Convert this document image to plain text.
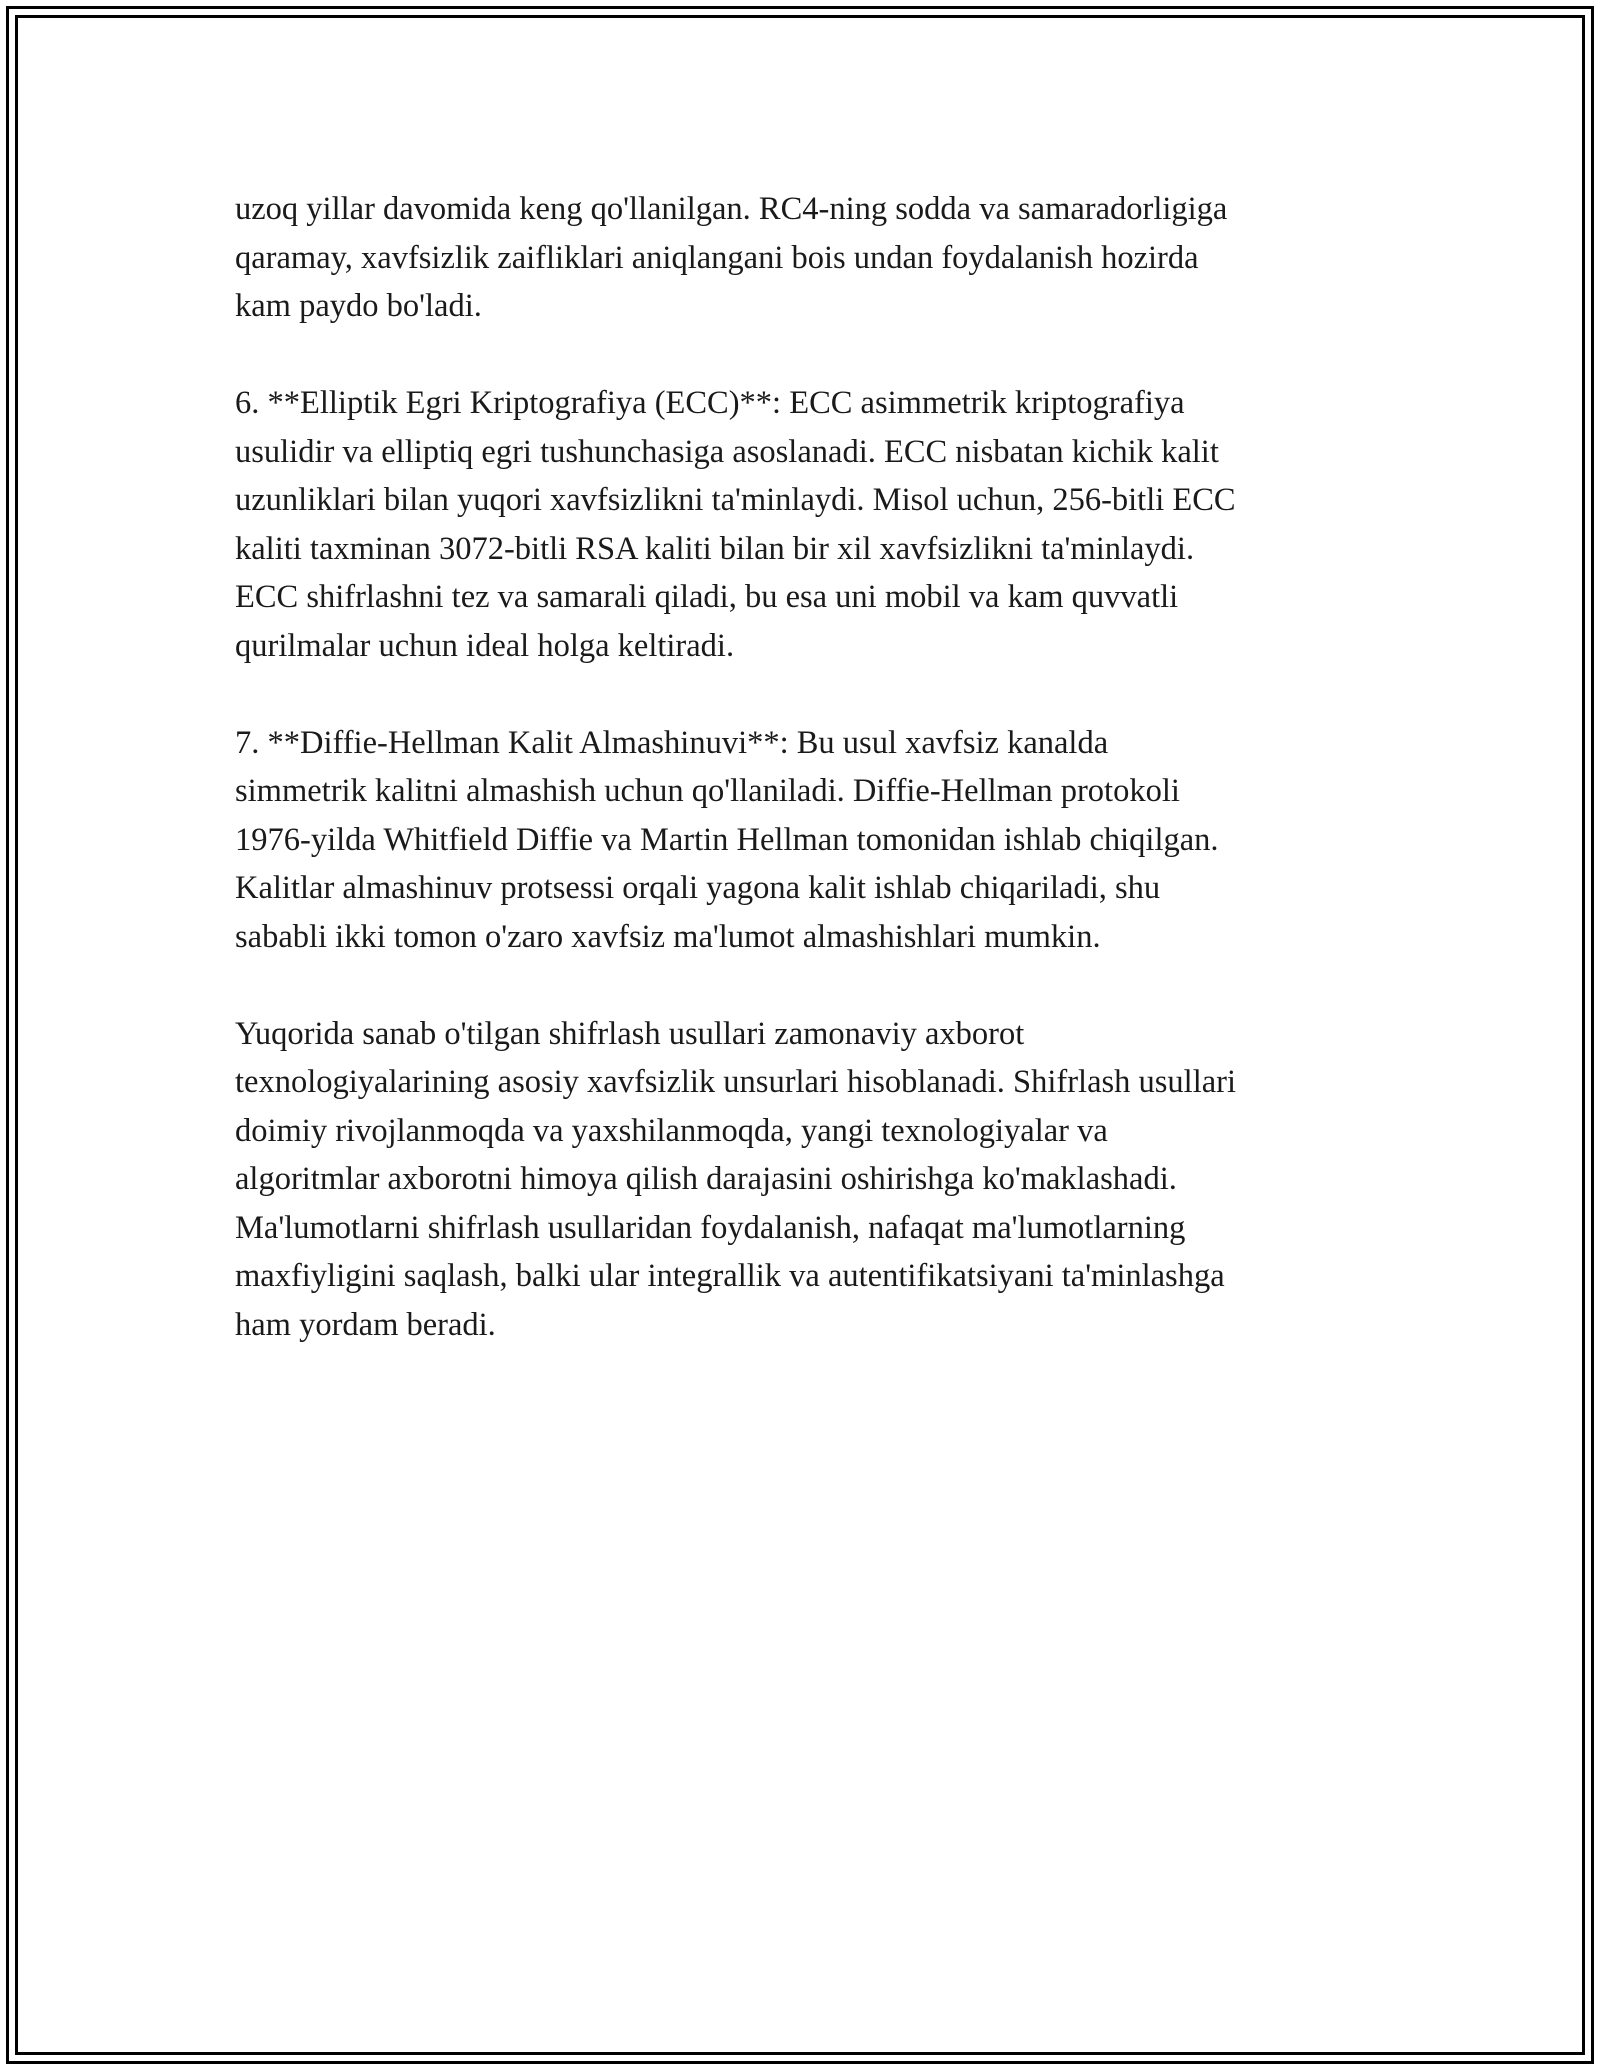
uzoq yillar davomida keng qo'llanilgan. RC4-ning sodda va samaradorligiga
qaramay, xavfsizlik zaifliklari aniqlangani bois undan foydalanish hozirda
kam paydo bo'ladi.

6. **Elliptik Egri Kriptografiya (ECC)**: ECC asimmetrik kriptografiya
usulidir va elliptiq egri tushunchasiga asoslanadi. ECC nisbatan kichik kalit
uzunliklari bilan yuqori xavfsizlikni ta'minlaydi. Misol uchun, 256-bitli ECC
kaliti taxminan 3072-bitli RSA kaliti bilan bir xil xavfsizlikni ta'minlaydi.
ECC shifrlashni tez va samarali qiladi, bu esa uni mobil va kam quvvatli
qurilmalar uchun ideal holga keltiradi.

7. **Diffie-Hellman Kalit Almashinuvi**: Bu usul xavfsiz kanalda
simmetrik kalitni almashish uchun qo'llaniladi. Diffie-Hellman protokoli
1976-yilda Whitfield Diffie va Martin Hellman tomonidan ishlab chiqilgan.
Kalitlar almashinuv protsessi orqali yagona kalit ishlab chiqariladi, shu
sababli ikki tomon o'zaro xavfsiz ma'lumot almashishlari mumkin.

Yuqorida sanab o'tilgan shifrlash usullari zamonaviy axborot
texnologiyalarining asosiy xavfsizlik unsurlari hisoblanadi. Shifrlash usullari
doimiy rivojlanmoqda va yaxshilanmoqda, yangi texnologiyalar va
algoritmlar axborotni himoya qilish darajasini oshirishga ko'maklashadi.
Ma'lumotlarni shifrlash usullaridan foydalanish, nafaqat ma'lumotlarning
maxfiyligini saqlash, balki ular integrallik va autentifikatsiyani ta'minlashga
ham yordam beradi.
